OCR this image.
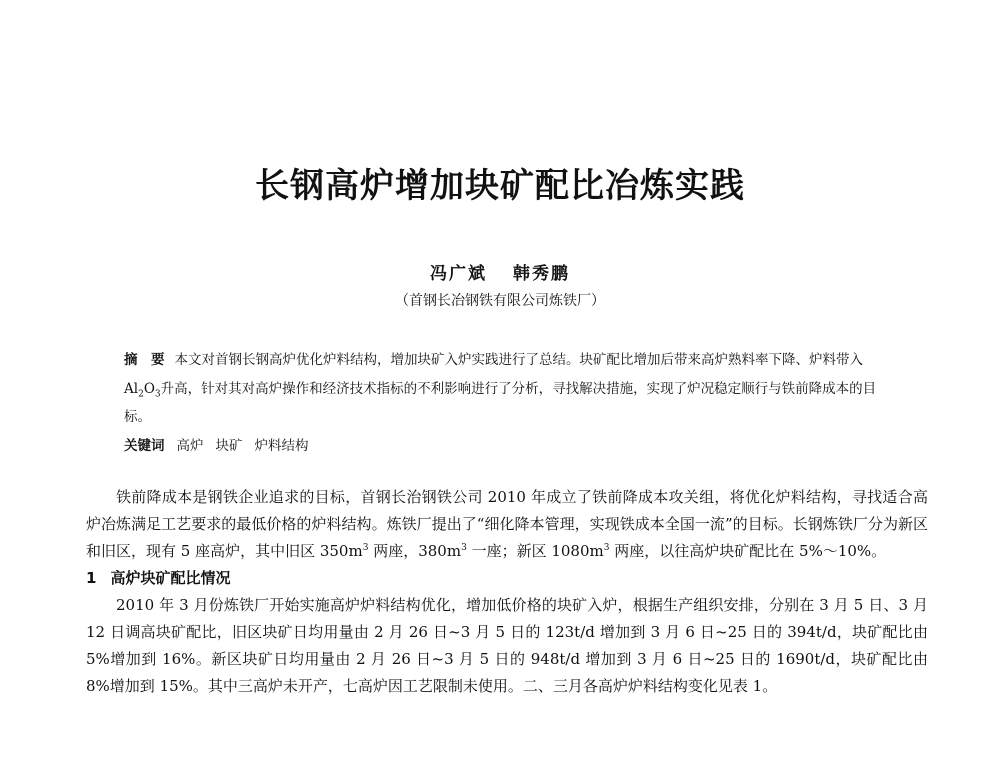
长钢高炉增加块矿配比冶炼实践
冯广斌 韩秀鹏
（首钢长冶钢铁有限公司炼铁厂）
摘　要 本文对首钢长钢高炉优化炉料结构，增加块矿入炉实践进行了总结。块矿配比增加后带来高炉熟料率下降、炉料带入$Al_2O_3$升高，针对其对高炉操作和经济技术指标的不利影响进行了分析，寻找解决措施，实现了炉况稳定顺行与铁前降成本的目标。
关键词 高炉 块矿 炉料结构

铁前降成本是钢铁企业追求的目标，首钢长治钢铁公司 2010 年成立了铁前降成本攻关组，将优化炉料结构，寻找适合高炉冶炼满足工艺要求的最低价格的炉料结构。炼铁厂提出了“细化降本管理，实现铁成本全国一流”的目标。长钢炼铁厂分为新区和旧区，现有 5 座高炉，其中旧区 $350m^3$ 两座，$380m^3$ 一座；新区 $1080m^3$ 两座，以往高炉块矿配比在 5%～10%。

1 高炉块矿配比情况

2010 年 3 月份炼铁厂开始实施高炉炉料结构优化，增加低价格的块矿入炉，根据生产组织安排，分别在 3 月 5 日、3 月 12 日调高块矿配比，旧区块矿日均用量由 2 月 26 日~3 月 5 日的 123t/d 增加到 3 月 6 日~25 日的 394t/d，块矿配比由 5%增加到 16%。新区块矿日均用量由 2 月 26 日~3 月 5 日的 948t/d 增加到 3 月 6 日~25 日的 1690t/d，块矿配比由 8%增加到 15%。其中三高炉未开产，七高炉因工艺限制未使用。二、三月各高炉炉料结构变化见表 1。
